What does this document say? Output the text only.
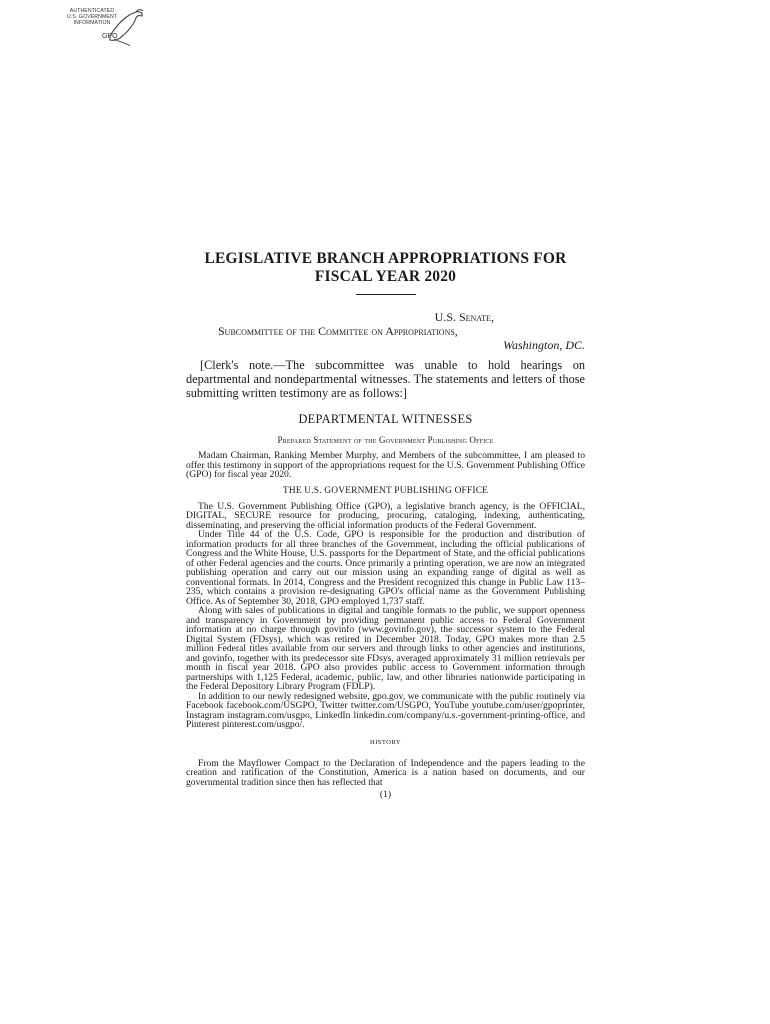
AUTHENTICATED
U.S. GOVERNMENT
INFORMATION
GPO
LEGISLATIVE BRANCH APPROPRIATIONS FOR
FISCAL YEAR 2020
U.S. Senate,
Subcommittee of the Committee on Appropriations,
Washington, DC.

[Clerk's note.—The subcommittee was unable to hold hearings on departmental and nondepartmental witnesses. The statements and letters of those submitting written testimony are as follows:]

DEPARTMENTAL WITNESSES
Prepared Statement of the Government Publishing Office

Madam Chairman, Ranking Member Murphy, and Members of the subcommittee, I am pleased to offer this testimony in support of the appropriations request for the U.S. Government Publishing Office (GPO) for fiscal year 2020.

THE U.S. GOVERNMENT PUBLISHING OFFICE

The U.S. Government Publishing Office (GPO), a legislative branch agency, is the OFFICIAL, DIGITAL, SECURE resource for producing, procuring, cataloging, indexing, authenticating, disseminating, and preserving the official information products of the Federal Government.

Under Title 44 of the U.S. Code, GPO is responsible for the production and distribution of information products for all three branches of the Government, including the official publications of Congress and the White House, U.S. passports for the Department of State, and the official publications of other Federal agencies and the courts. Once primarily a printing operation, we are now an integrated publishing operation and carry out our mission using an expanding range of digital as well as conventional formats. In 2014, Congress and the President recognized this change in Public Law 113–235, which contains a provision re-designating GPO's official name as the Government Publishing Office. As of September 30, 2018, GPO employed 1,737 staff.

Along with sales of publications in digital and tangible formats to the public, we support openness and transparency in Government by providing permanent public access to Federal Government information at no charge through govinfo (www.govinfo.gov), the successor system to the Federal Digital System (FDsys), which was retired in December 2018. Today, GPO makes more than 2.5 million Federal titles available from our servers and through links to other agencies and institutions, and govinfo, together with its predecessor site FDsys, averaged approximately 31 million retrievals per month in fiscal year 2018. GPO also provides public access to Government information through partnerships with 1,125 Federal, academic, public, law, and other libraries nationwide participating in the Federal Depository Library Program (FDLP).

In addition to our newly redesigned website, gpo.gov, we communicate with the public routinely via Facebook facebook.com/USGPO, Twitter twitter.com/USGPO, YouTube youtube.com/user/gpoprinter, Instagram instagram.com/usgpo, LinkedIn linkedin.com/company/u.s.-government-printing-office, and Pinterest pinterest.com/usgpo/.

HISTORY

From the Mayflower Compact to the Declaration of Independence and the papers leading to the creation and ratification of the Constitution, America is a nation based on documents, and our governmental tradition since then has reflected that

(1)
